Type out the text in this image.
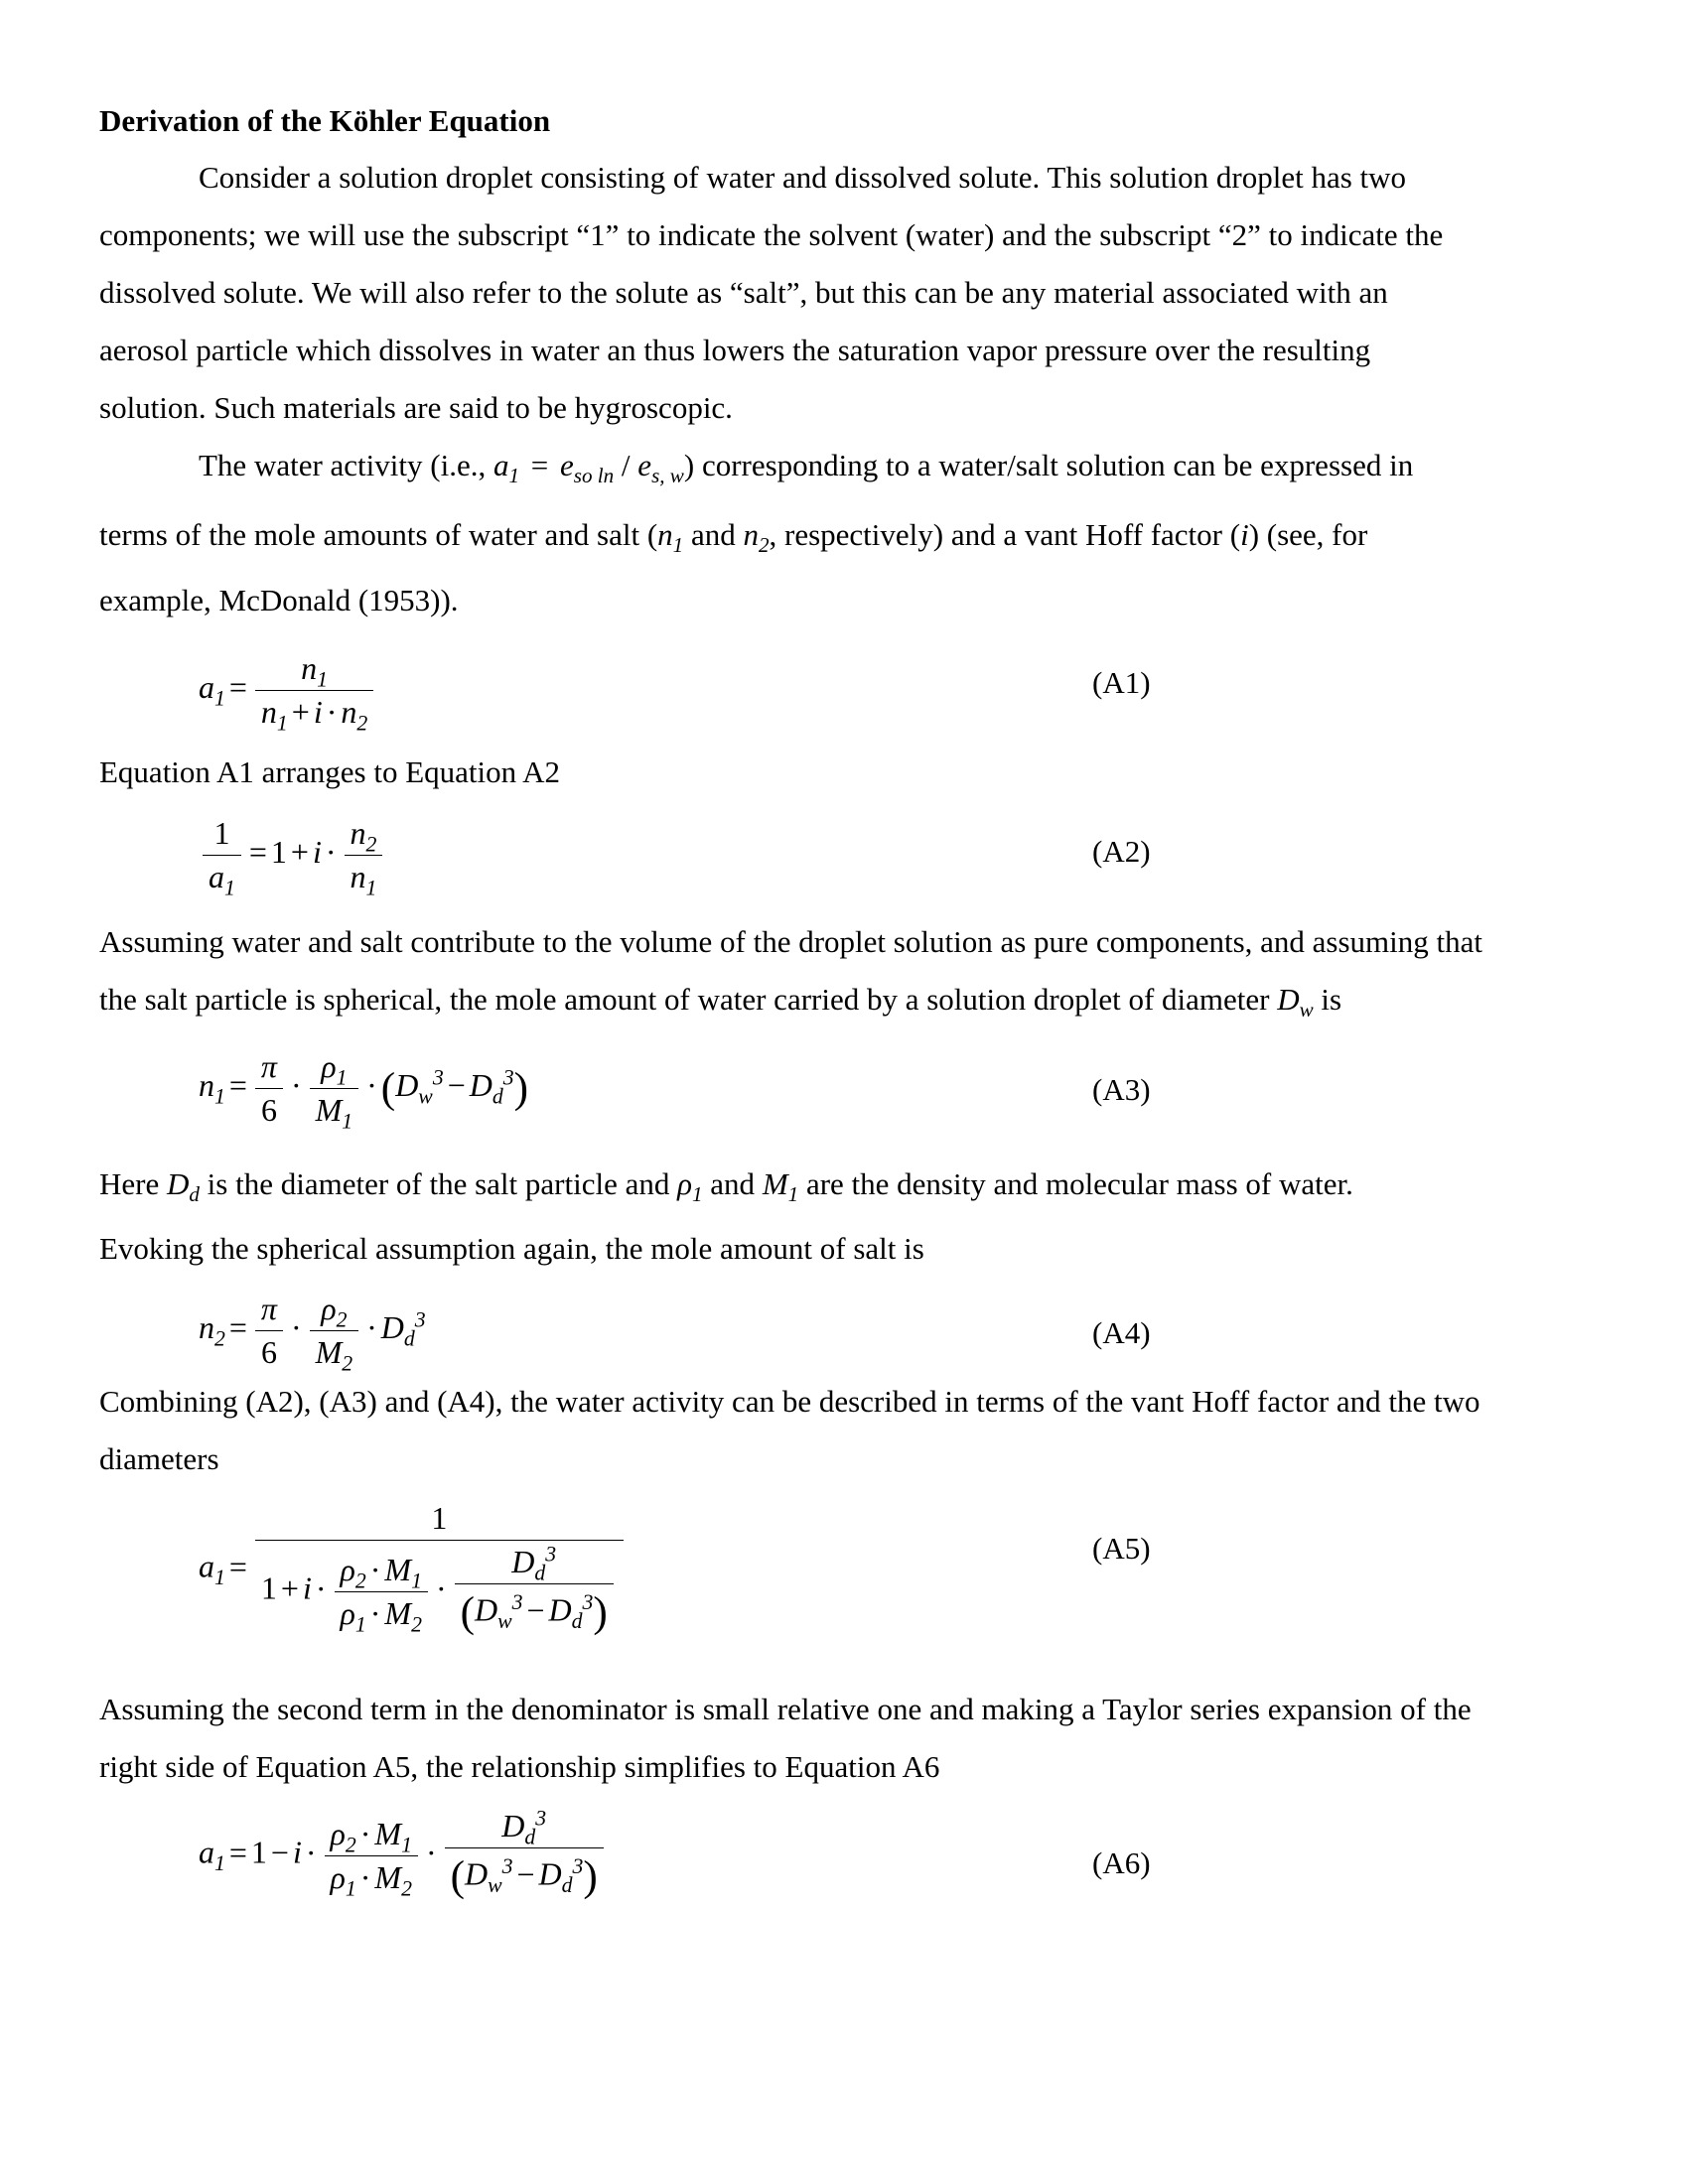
Derivation of the Köhler Equation
Consider a solution droplet consisting of water and dissolved solute. This solution droplet has two
components; we will use the subscript “1” to indicate the solvent (water) and the subscript “2” to indicate the
dissolved solute. We will also refer to the solute as “salt”, but this can be any material associated with an
aerosol particle which dissolves in water an thus lowers the saturation vapor pressure over the resulting
solution. Such materials are said to be hygroscopic.
The water activity (i.e., $a_1 = e_{so ln} / e_{s, w}$) corresponding to a water/salt solution can be expressed in
terms of the mole amounts of water and salt ($n_1$ and $n_2$, respectively) and a vant Hoff factor (i) (see, for
example, McDonald (1953)).
$a_1 = \frac{n_1}{n_1 + i \cdot n_2}$	(A1)
Equation A1 arranges to Equation A2
$\frac{1}{a_1} = 1 + i \cdot \frac{n_2}{n_1}$	(A2)
Assuming water and salt contribute to the volume of the droplet solution as pure components, and assuming that
the salt particle is spherical, the mole amount of water carried by a solution droplet of diameter $D_w$ is
$n_1 = \frac{\pi}{6} \cdot \frac{\rho_1}{M_1} \cdot(D_w^3 - D_d^3)$	(A3)
Here $D_d$ is the diameter of the salt particle and $\rho_1$ and $M_1$ are the density and molecular mass of water.
Evoking the spherical assumption again, the mole amount of salt is
$n_2 = \frac{\pi}{6} \cdot \frac{\rho_2}{M_2} \cdot D_d^3$	(A4)
Combining (A2), (A3) and (A4), the water activity can be described in terms of the vant Hoff factor and the two
diameters
$a_1 = \frac{1}{1 + i \cdot \frac{\rho_2 \cdot M_1}{\rho_1 \cdot M_2} \cdot \frac{D_d^3}{(D_w^3 - D_d^3)}}$	(A5)
Assuming the second term in the denominator is small relative one and making a Taylor series expansion of the
right side of Equation A5, the relationship simplifies to Equation A6
$a_1 = 1 - i \cdot \frac{\rho_2 \cdot M_1}{\rho_1 \cdot M_2} \cdot \frac{D_d^3}{(D_w^3 - D_d^3)}$	(A6)
